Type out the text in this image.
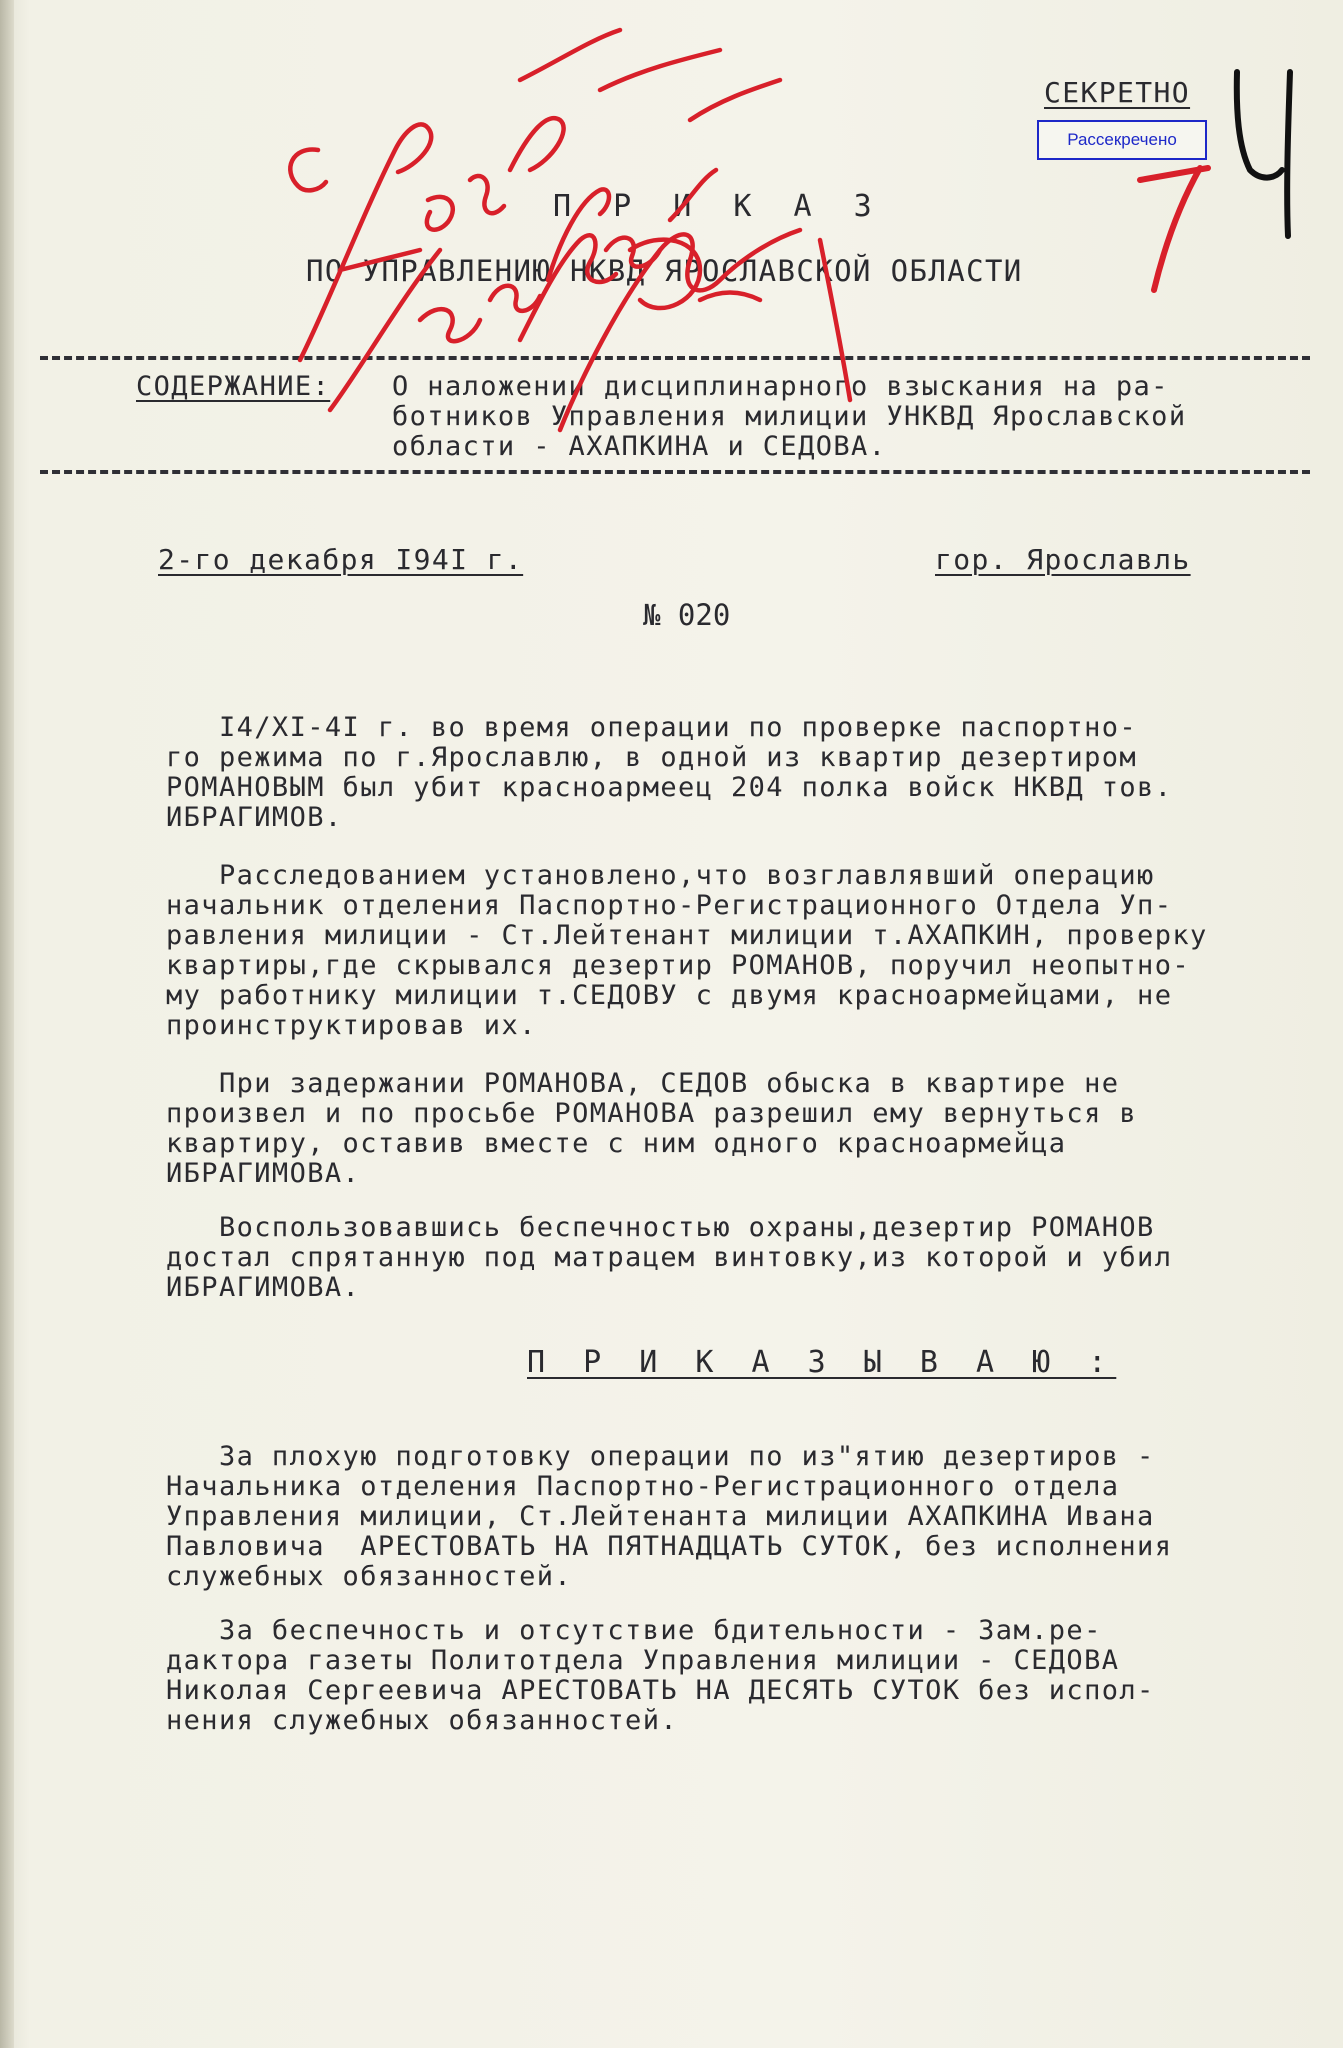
СЕКРЕТНО
Рассекречено
П Р И К А З
ПО УПРАВЛЕНИЮ НКВД ЯРОСЛАВСКОЙ ОБЛАСТИ
СОДЕРЖАНИЕ: О наложении дисциплинарного взыскания на ра-
ботников Управления милиции УНКВД Ярославской
области - АХАПКИНА и СЕДОВА.
2-го декабря I94I г.	гор. Ярославль
№ 020
I4/XI-4I г. во время операции по проверке паспортно-
го режима по г.Ярославлю, в одной из квартир дезертиром
РОМАНОВЫМ был убит красноармеец 204 полка войск НКВД тов.
ИБРАГИМОВ.
Расследованием установлено,что возглавлявший операцию
начальник отделения Паспортно-Регистрационного Отдела Уп-
равления милиции - Ст.Лейтенант милиции т.АХАПКИН, проверку
квартиры,где скрывался дезертир РОМАНОВ, поручил неопытно-
му работнику милиции т.СЕДОВУ с двумя красноармейцами, не
проинструктировав их.
При задержании РОМАНОВА, СЕДОВ обыска в квартире не
произвел и по просьбе РОМАНОВА разрешил ему вернуться в
квартиру, оставив вместе с ним одного красноармейца
ИБРАГИМОВА.
Воспользовавшись беспечностью охраны,дезертир РОМАНОВ
достал спрятанную под матрацем винтовку,из которой и убил
ИБРАГИМОВА.
П Р И К А З Ы В А Ю :
За плохую подготовку операции по из"ятию дезертиров -
Начальника отделения Паспортно-Регистрационного отдела
Управления милиции, Ст.Лейтенанта милиции АХАПКИНА Ивана
Павловича  АРЕСТОВАТЬ НА ПЯТНАДЦАТЬ СУТОК, без исполнения
служебных обязанностей.
За беспечность и отсутствие бдительности - Зам.ре-
дактора газеты Политотдела Управления милиции - СЕДОВА
Николая Сергеевича АРЕСТОВАТЬ НА ДЕСЯТЬ СУТОК без испол-
нения служебных обязанностей.
